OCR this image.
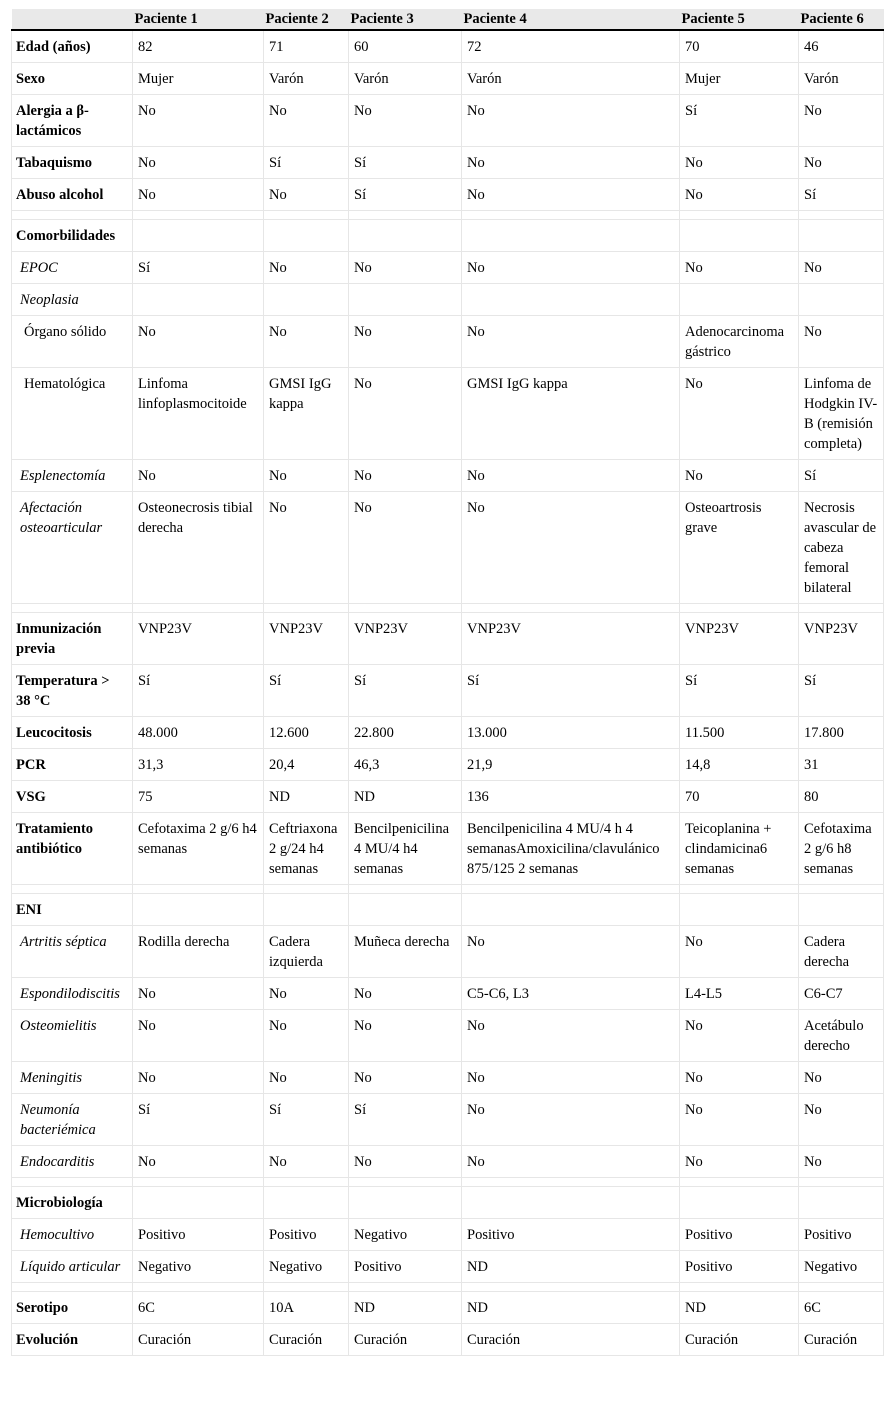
	Paciente 1	Paciente 2	Paciente 3	Paciente 4	Paciente 5	Paciente 6
Edad (años)	82	71	60	72	70	46
Sexo	Mujer	Varón	Varón	Varón	Mujer	Varón
Alergia a β-lactámicos	No	No	No	No	Sí	No
Tabaquismo	No	Sí	Sí	No	No	No
Abuso alcohol	No	No	Sí	No	No	Sí

Comorbilidades						
EPOC	Sí	No	No	No	No	No
Neoplasia						
Órgano sólido	No	No	No	No	Adenocarcinoma gástrico	No
Hematológica	Linfoma linfoplasmocitoide	GMSI IgG kappa	No	GMSI IgG kappa	No	Linfoma de Hodgkin IV-B (remisión completa)
Esplenectomía	No	No	No	No	No	Sí
Afectación osteoarticular	Osteonecrosis tibial derecha	No	No	No	Osteoartrosis grave	Necrosis avascular de cabeza femoral bilateral

Inmunización previa	VNP23V	VNP23V	VNP23V	VNP23V	VNP23V	VNP23V
Temperatura > 38 °C	Sí	Sí	Sí	Sí	Sí	Sí
Leucocitosis	48.000	12.600	22.800	13.000	11.500	17.800
PCR	31,3	20,4	46,3	21,9	14,8	31
VSG	75	ND	ND	136	70	80
Tratamiento antibiótico	Cefotaxima 2 g/6 h4 semanas	Ceftriaxona 2 g/24 h4 semanas	Bencilpenicilina 4 MU/4 h4 semanas	Bencilpenicilina 4 MU/4 h 4 semanasAmoxicilina/clavulánico 875/125 2 semanas	Teicoplanina + clindamicina6 semanas	Cefotaxima 2 g/6 h8 semanas

ENI						
Artritis séptica	Rodilla derecha	Cadera izquierda	Muñeca derecha	No	No	Cadera derecha
Espondilodiscitis	No	No	No	C5-C6, L3	L4-L5	C6-C7
Osteomielitis	No	No	No	No	No	Acetábulo derecho
Meningitis	No	No	No	No	No	No
Neumonía bacteriémica	Sí	Sí	Sí	No	No	No
Endocarditis	No	No	No	No	No	No

Microbiología						
Hemocultivo	Positivo	Positivo	Negativo	Positivo	Positivo	Positivo
Líquido articular	Negativo	Negativo	Positivo	ND	Positivo	Negativo

Serotipo	6C	10A	ND	ND	ND	6C
Evolución	Curación	Curación	Curación	Curación	Curación	Curación
